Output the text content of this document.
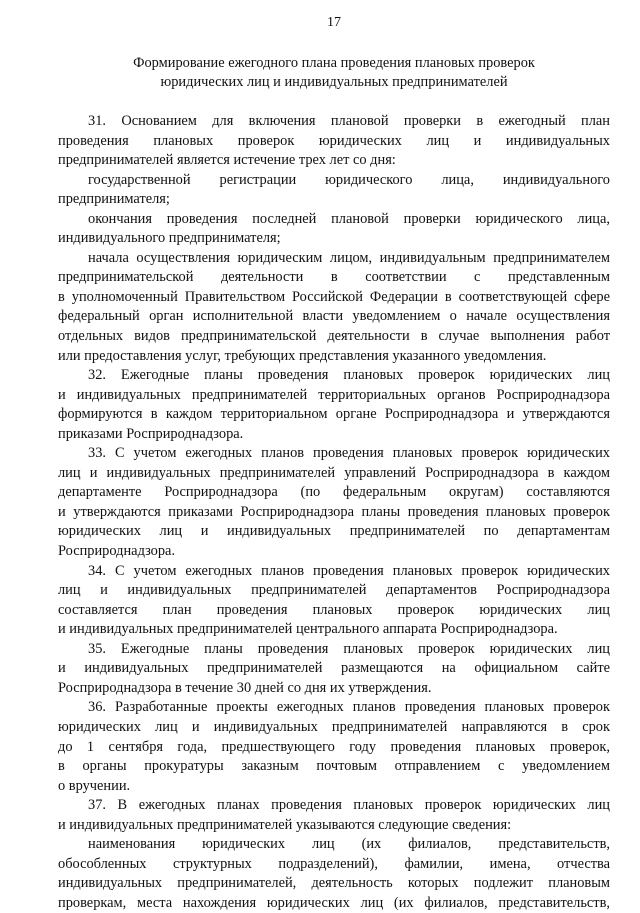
17
Формирование ежегодного плана проведения плановых проверок
юридических лиц и индивидуальных предпринимателей

31. Основанием для включения плановой проверки в ежегодный план
проведения плановых проверок юридических лиц и индивидуальных
предпринимателей является истечение трех лет со дня:

государственной регистрации юридического лица, индивидуального
предпринимателя;

окончания проведения последней плановой проверки юридического лица,
индивидуального предпринимателя;

начала осуществления юридическим лицом, индивидуальным предпринимателем
предпринимательской деятельности в соответствии с представленным
в уполномоченный Правительством Российской Федерации в соответствующей сфере
федеральный орган исполнительной власти уведомлением о начале осуществления
отдельных видов предпринимательской деятельности в случае выполнения работ
или предоставления услуг, требующих представления указанного уведомления.

32. Ежегодные планы проведения плановых проверок юридических лиц
и индивидуальных предпринимателей территориальных органов Росприроднадзора
формируются в каждом территориальном органе Росприроднадзора и утверждаются
приказами Росприроднадзора.

33. С учетом ежегодных планов проведения плановых проверок юридических
лиц и индивидуальных предпринимателей управлений Росприроднадзора в каждом
департаменте Росприроднадзора (по федеральным округам) составляются
и утверждаются приказами Росприроднадзора планы проведения плановых проверок
юридических лиц и индивидуальных предпринимателей по департаментам
Росприроднадзора.

34. С учетом ежегодных планов проведения плановых проверок юридических
лиц и индивидуальных предпринимателей департаментов Росприроднадзора
составляется план проведения плановых проверок юридических лиц
и индивидуальных предпринимателей центрального аппарата Росприроднадзора.

35. Ежегодные планы проведения плановых проверок юридических лиц
и индивидуальных предпринимателей размещаются на официальном сайте
Росприроднадзора в течение 30 дней со дня их утверждения.

36. Разработанные проекты ежегодных планов проведения плановых проверок
юридических лиц и индивидуальных предпринимателей направляются в срок
до 1 сентября года, предшествующего году проведения плановых проверок,
в органы прокуратуры заказным почтовым отправлением с уведомлением
о вручении.

37. В ежегодных планах проведения плановых проверок юридических лиц
и индивидуальных предпринимателей указываются следующие сведения:

наименования юридических лиц (их филиалов, представительств,
обособленных структурных подразделений), фамилии, имена, отчества
индивидуальных предпринимателей, деятельность которых подлежит плановым
проверкам, места нахождения юридических лиц (их филиалов, представительств,
